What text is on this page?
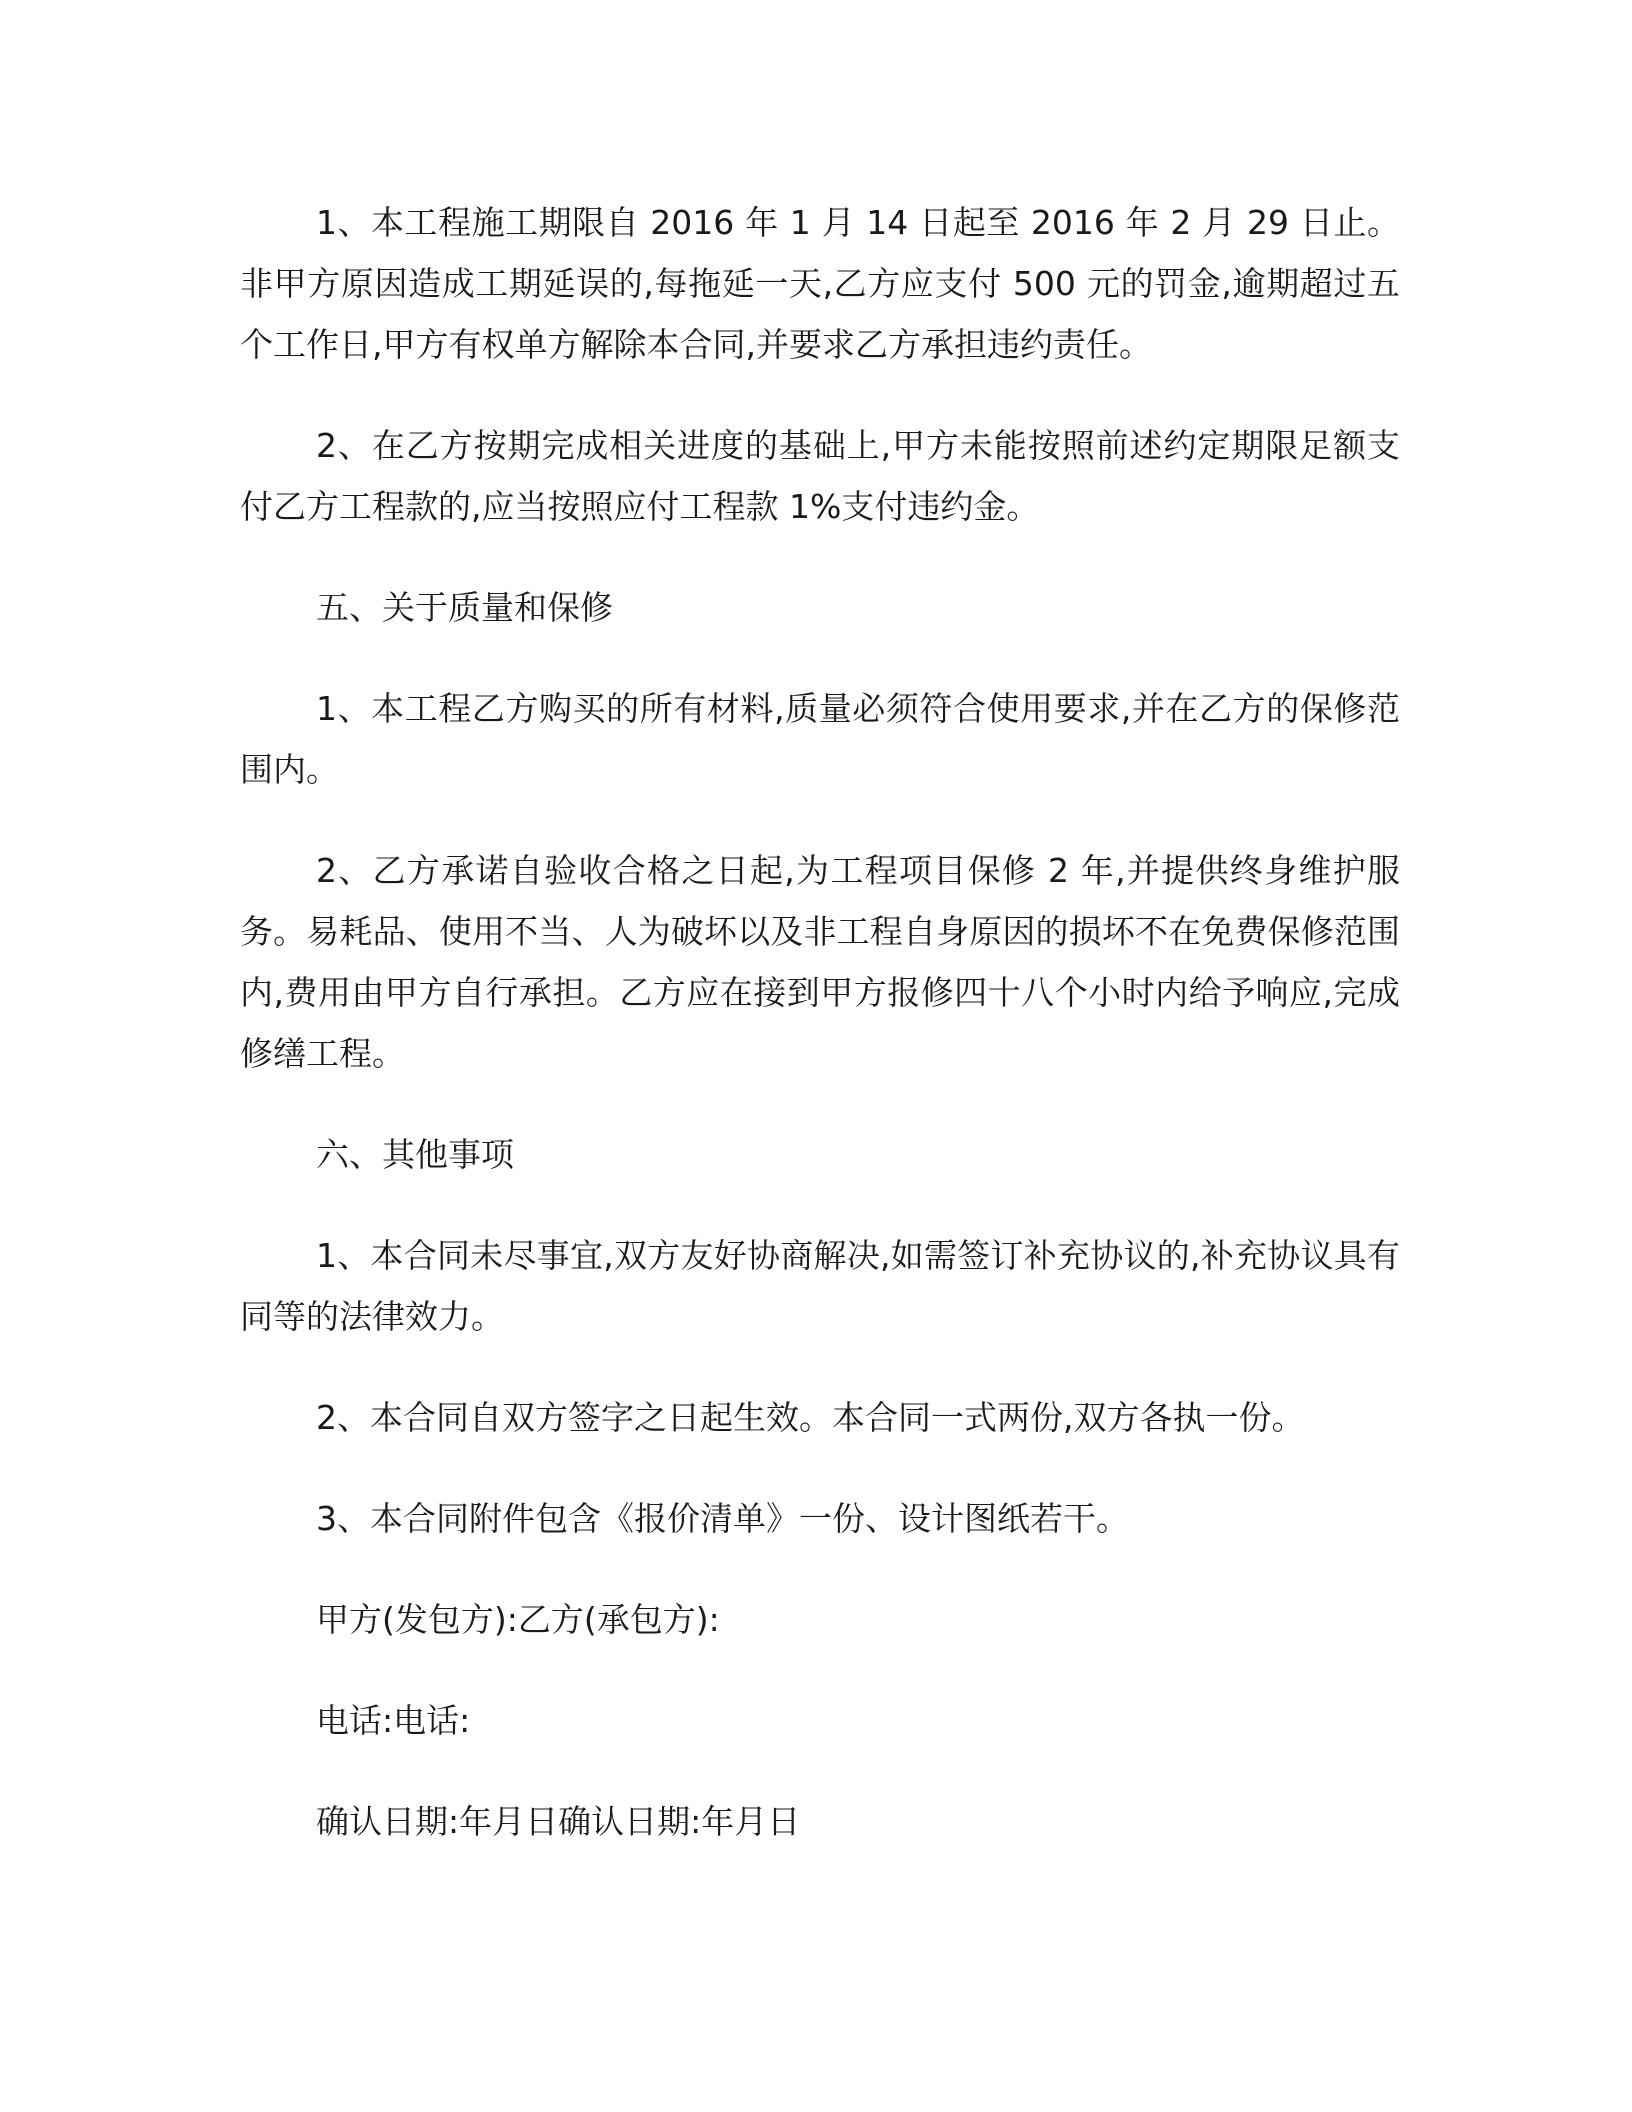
1、本工程施工期限自 2016 年 1 月 14 日起至 2016 年 2 月 29 日止。非甲方原因造成工期延误的,每拖延一天,乙方应支付 500 元的罚金,逾期超过五个工作日,甲方有权单方解除本合同,并要求乙方承担违约责任。

2、在乙方按期完成相关进度的基础上,甲方未能按照前述约定期限足额支付乙方工程款的,应当按照应付工程款 1%支付违约金。

五、关于质量和保修

1、本工程乙方购买的所有材料,质量必须符合使用要求,并在乙方的保修范围内。

2、乙方承诺自验收合格之日起,为工程项目保修 2 年,并提供终身维护服务。易耗品、使用不当、人为破坏以及非工程自身原因的损坏不在免费保修范围内,费用由甲方自行承担。乙方应在接到甲方报修四十八个小时内给予响应,完成修缮工程。

六、其他事项

1、本合同未尽事宜,双方友好协商解决,如需签订补充协议的,补充协议具有同等的法律效力。

2、本合同自双方签字之日起生效。本合同一式两份,双方各执一份。

3、本合同附件包含《报价清单》一份、设计图纸若干。

甲方(发包方):乙方(承包方):

电话:电话:

确认日期:年月日确认日期:年月日
